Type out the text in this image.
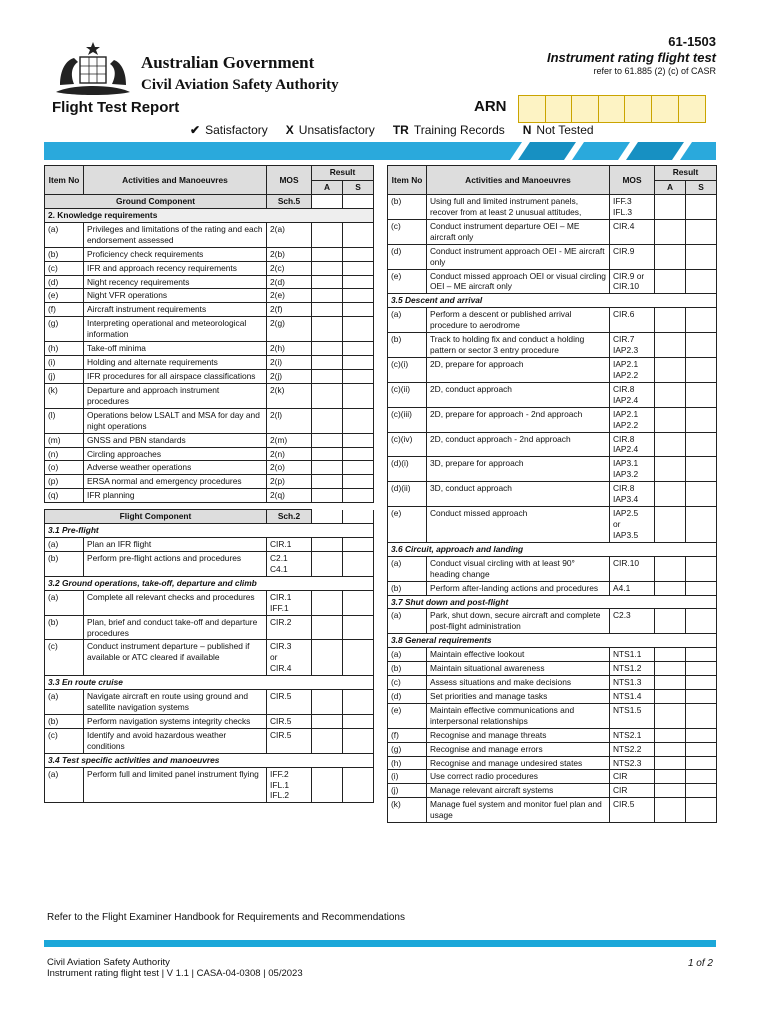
Australian Government
Civil Aviation Safety Authority
61-1503
Instrument rating flight test
refer to 61.885 (2) (c) of CASR
Flight Test Report	ARN
✔ Satisfactory X Unsatisfactory TR Training Records N Not Tested
Item No	Activities and Manoeuvres	MOS	Result	
			A	S
Ground Component		Sch.5		
2. Knowledge requirements				
(a)	Privileges and limitations of the rating and each endorsement assessed	2(a)		
(b)	Proficiency check requirements	2(b)		
(c)	IFR and approach recency requirements	2(c)		
(d)	Night recency requirements	2(d)		
(e)	Night VFR operations	2(e)		
(f)	Aircraft instrument requirements	2(f)		
(g)	Interpreting operational and meteorological information	2(g)		
(h)	Take-off minima	2(h)		
(i)	Holding and alternate requirements	2(i)		
(j)	IFR procedures for all airspace classifications	2(j)		
(k)	Departure and approach instrument procedures	2(k)		
(l)	Operations below LSALT and MSA for day and night operations	2(l)		
(m)	GNSS and PBN standards	2(m)		
(n)	Circling approaches	2(n)		
(o)	Adverse weather operations	2(o)		
(p)	ERSA normal and emergency procedures	2(p)		
(q)	IFR planning	2(q)		

Flight Component		Sch.2		
3.1 Pre-flight				
(a)	Plan an IFR flight	CIR.1		
(b)	Perform pre-flight actions and procedures	C2.1
C4.1		
3.2 Ground operations, take-off, departure and climb				
(a)	Complete all relevant checks and procedures	CIR.1
IFF.1		
(b)	Plan, brief and conduct take-off and departure procedures	CIR.2		
(c)	Conduct instrument departure – published if available or ATC cleared if available	CIR.3
or
CIR.4		
3.3 En route cruise				
(a)	Navigate aircraft en route using ground and satellite navigation systems	CIR.5		
(b)	Perform navigation systems integrity checks	CIR.5		
(c)	Identify and avoid hazardous weather conditions	CIR.5		
3.4 Test specific activities and manoeuvres				
(a)	Perform full and limited panel instrument flying	IFF.2
IFL.1
IFL.2		
Item No	Activities and Manoeuvres	MOS	Result	
			A	S
(b)	Using full and limited instrument panels, recover from at least 2 unusual attitudes,	IFF.3
IFL.3		
(c)	Conduct instrument departure OEI – ME aircraft only	CIR.4		
(d)	Conduct instrument approach OEI - ME aircraft only	CIR.9		
(e)	Conduct missed approach OEI or visual circling OEI – ME aircraft only	CIR.9 or
CIR.10		
3.5 Descent and arrival				
(a)	Perform a descent or published arrival procedure to aerodrome	CIR.6		
(b)	Track to holding fix and conduct a holding pattern or sector 3 entry procedure	CIR.7
IAP2.3		
(c)(i)	2D, prepare for approach	IAP2.1
IAP2.2		
(c)(ii)	2D, conduct approach	CIR.8
IAP2.4		
(c)(iii)	2D, prepare for approach - 2nd approach	IAP2.1
IAP2.2		
(c)(iv)	2D, conduct approach - 2nd approach	CIR.8
IAP2.4		
(d)(i)	3D, prepare for approach	IAP3.1
IAP3.2		
(d)(ii)	3D, conduct approach	CIR.8
IAP3.4		
(e)	Conduct missed approach	IAP2.5
or
IAP3.5		
3.6 Circuit, approach and landing				
(a)	Conduct visual circling with at least 90° heading change	CIR.10		
(b)	Perform after-landing actions and procedures	A4.1		
3.7 Shut down and post-flight				
(a)	Park, shut down, secure aircraft and complete post-flight administration	C2.3		
3.8 General requirements				
(a)	Maintain effective lookout	NTS1.1		
(b)	Maintain situational awareness	NTS1.2		
(c)	Assess situations and make decisions	NTS1.3		
(d)	Set priorities and manage tasks	NTS1.4		
(e)	Maintain effective communications and interpersonal relationships	NTS1.5		
(f)	Recognise and manage threats	NTS2.1		
(g)	Recognise and manage errors	NTS2.2		
(h)	Recognise and manage undesired states	NTS2.3		
(i)	Use correct radio procedures	CIR		
(j)	Manage relevant aircraft systems	CIR		
(k)	Manage fuel system and monitor fuel plan and usage	CIR.5		
Refer to the Flight Examiner Handbook for Requirements and Recommendations
Civil Aviation Safety Authority
Instrument rating flight test | V 1.1 | CASA-04-0308 | 05/2023
1 of 2
